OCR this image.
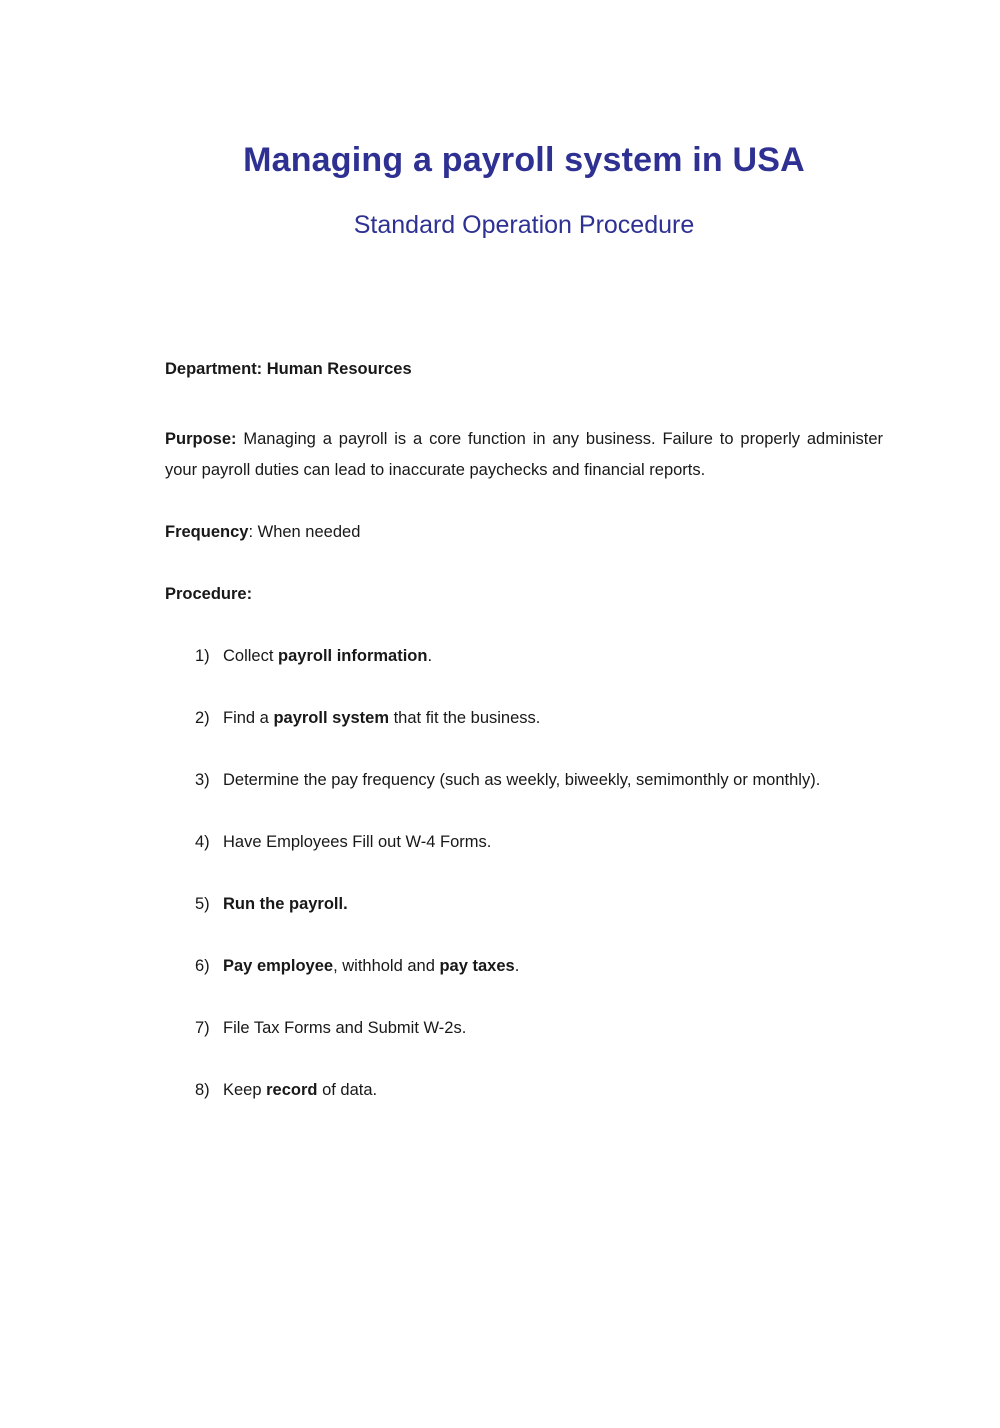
Managing a payroll system in USA
Standard Operation Procedure
Department: Human Resources
Purpose: Managing a payroll is a core function in any business. Failure to properly administer your payroll duties can lead to inaccurate paychecks and financial reports.
Frequency: When needed
Procedure:
1) Collect payroll information.
2) Find a payroll system that fit the business.
3) Determine the pay frequency (such as weekly, biweekly, semimonthly or monthly).
4) Have Employees Fill out W-4 Forms.
5) Run the payroll.
6) Pay employee, withhold and pay taxes.
7) File Tax Forms and Submit W-2s.
8) Keep record of data.
